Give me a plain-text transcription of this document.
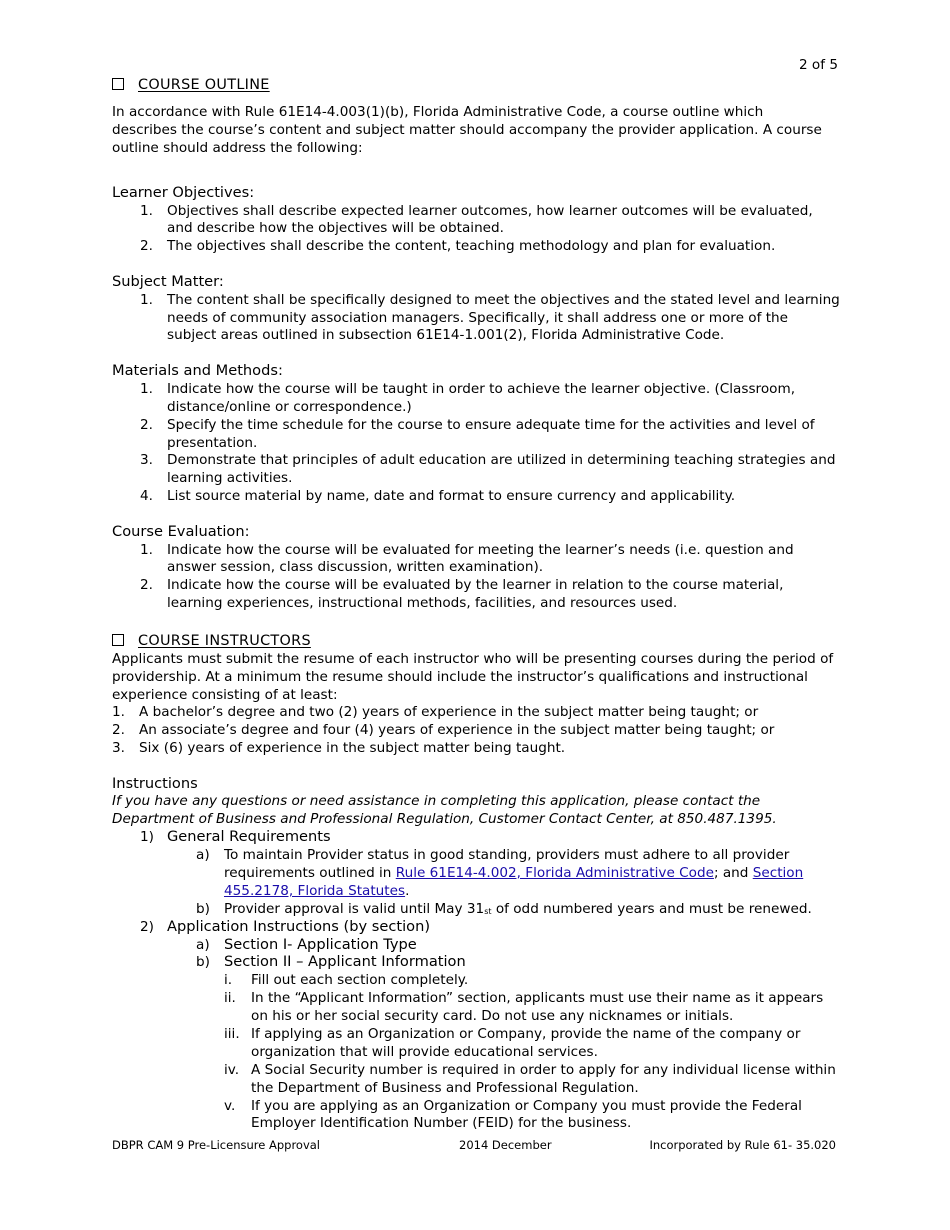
2 of 5
COURSE OUTLINE
In accordance with Rule 61E14-4.003(1)(b), Florida Administrative Code, a course outline which
describes the course’s content and subject matter should accompany the provider application. A course
outline should address the following:
Learner Objectives:
1. Objectives shall describe expected learner outcomes, how learner outcomes will be evaluated,
and describe how the objectives will be obtained.
2. The objectives shall describe the content, teaching methodology and plan for evaluation.
Subject Matter:
1. The content shall be specifically designed to meet the objectives and the stated level and learning
needs of community association managers. Specifically, it shall address one or more of the
subject areas outlined in subsection 61E14-1.001(2), Florida Administrative Code.
Materials and Methods:
1. Indicate how the course will be taught in order to achieve the learner objective. (Classroom,
distance/online or correspondence.)
2. Specify the time schedule for the course to ensure adequate time for the activities and level of
presentation.
3. Demonstrate that principles of adult education are utilized in determining teaching strategies and
learning activities.
4. List source material by name, date and format to ensure currency and applicability.
Course Evaluation:
1. Indicate how the course will be evaluated for meeting the learner’s needs (i.e. question and
answer session, class discussion, written examination).
2. Indicate how the course will be evaluated by the learner in relation to the course material,
learning experiences, instructional methods, facilities, and resources used.
COURSE INSTRUCTORS
Applicants must submit the resume of each instructor who will be presenting courses during the period of
providership. At a minimum the resume should include the instructor’s qualifications and instructional
experience consisting of at least:
1. A bachelor’s degree and two (2) years of experience in the subject matter being taught; or
2. An associate’s degree and four (4) years of experience in the subject matter being taught; or
3. Six (6) years of experience in the subject matter being taught.
Instructions
If you have any questions or need assistance in completing this application, please contact the
Department of Business and Professional Regulation, Customer Contact Center, at 850.487.1395.
1) General Requirements
a) To maintain Provider status in good standing, providers must adhere to all provider
requirements outlined in Rule 61E14-4.002, Florida Administrative Code; and Section
455.2178, Florida Statutes.
b) Provider approval is valid until May 31st of odd numbered years and must be renewed.
2) Application Instructions (by section)
a) Section I- Application Type
b) Section II – Applicant Information
i. Fill out each section completely.
ii. In the “Applicant Information” section, applicants must use their name as it appears
on his or her social security card. Do not use any nicknames or initials.
iii. If applying as an Organization or Company, provide the name of the company or
organization that will provide educational services.
iv. A Social Security number is required in order to apply for any individual license within
the Department of Business and Professional Regulation.
v. If you are applying as an Organization or Company you must provide the Federal
Employer Identification Number (FEID) for the business.
DBPR CAM 9 Pre-Licensure Approval	2014 December	Incorporated by Rule 61- 35.020
